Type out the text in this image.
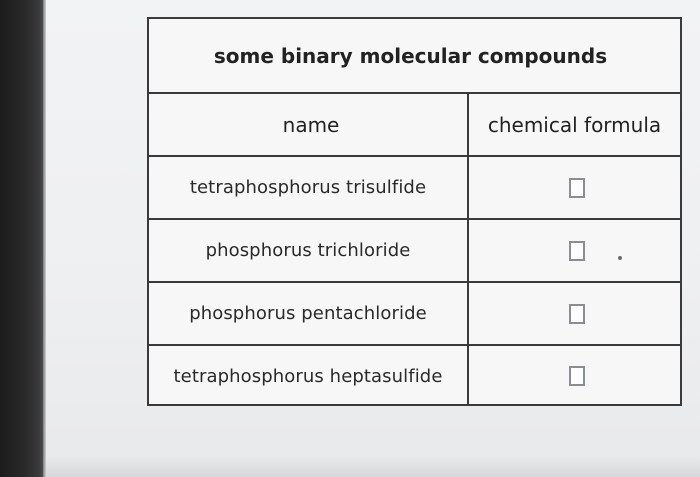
some binary molecular compounds
name	chemical formula
tetraphosphorus trisulfide
phosphorus trichloride
phosphorus pentachloride
tetraphosphorus heptasulfide
